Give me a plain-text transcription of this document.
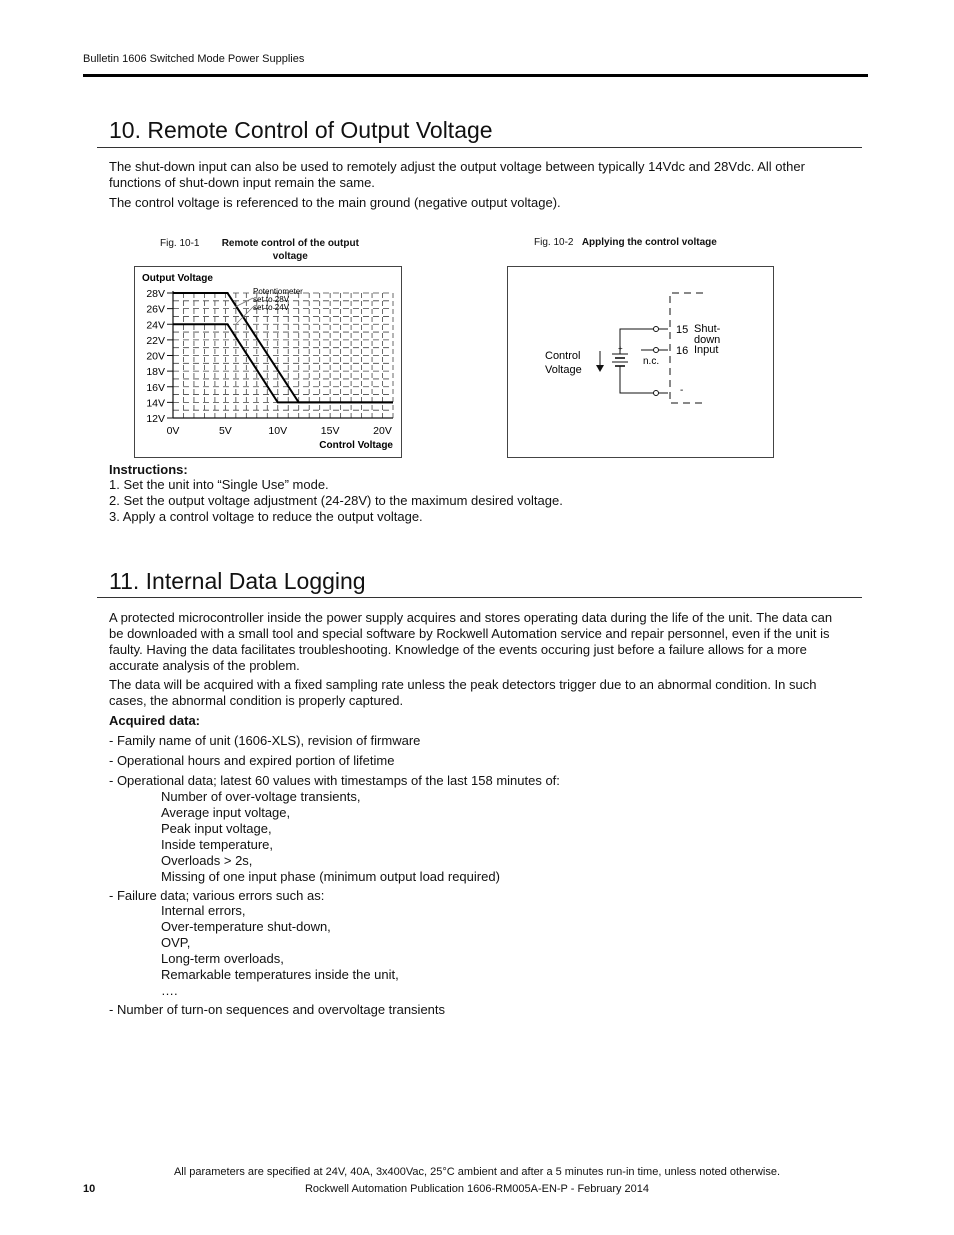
Bulletin 1606 Switched Mode Power Supplies
10. Remote Control of Output Voltage
The shut-down input can also be used to remotely adjust the output voltage between typically 14Vdc and 28Vdc. All other functions of shut-down input remain the same.
The control voltage is referenced to the main ground (negative output voltage).
Fig. 10-1 Remote control of the output voltage
Output Voltage
Control Voltage
28V
26V
24V
22V
20V
18V
16V
14V
12V
0V	5V	10V	15V	20V
Potentiometer
set to 28V
set to 24V
Fig. 10-2 Applying the control voltage
Control
Voltage
+
-
15
16
n.c.
Shut-
down
Input
Instructions:
1. Set the unit into “Single Use” mode.
2. Set the output voltage adjustment (24-28V) to the maximum desired voltage.
3. Apply a control voltage to reduce the output voltage.
11. Internal Data Logging
A protected microcontroller inside the power supply acquires and stores operating data during the life of the unit. The data can be downloaded with a small tool and special software by Rockwell Automation service and repair personnel, even if the unit is faulty. Having the data facilitates troubleshooting. Knowledge of the events occuring just before a failure allows for a more accurate analysis of the problem.
The data will be acquired with a fixed sampling rate unless the peak detectors trigger due to an abnormal condition. In such cases, the abnormal condition is properly captured.
Acquired data:
- Family name of unit (1606-XLS), revision of firmware
- Operational hours and expired portion of lifetime
- Operational data; latest 60 values with timestamps of the last 158 minutes of:
Number of over-voltage transients,
Average input voltage,
Peak input voltage,
Inside temperature,
Overloads > 2s,
Missing of one input phase (minimum output load required)
- Failure data; various errors such as:
Internal errors,
Over-temperature shut-down,
OVP,
Long-term overloads,
Remarkable temperatures inside the unit,
….
- Number of turn-on sequences and overvoltage transients
All parameters are specified at 24V, 40A, 3x400Vac, 25°C ambient and after a 5 minutes run-in time, unless noted otherwise.
10	Rockwell Automation Publication 1606-RM005A-EN-P - February 2014
